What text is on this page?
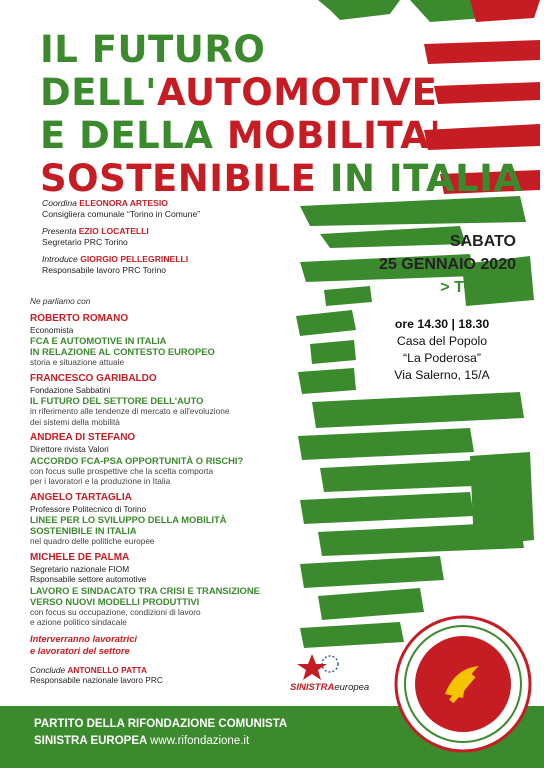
IL FUTURO
DELL'AUTOMOTIVE
E DELLA MOBILITA'
SOSTENIBILE IN ITALIA
Coordina ELEONORA ARTESIO
Consigliera comunale “Torino in Comune”
Presenta EZIO LOCATELLI
Segretario PRC Torino
Introduce GIORGIO PELLEGRINELLI
Responsabile lavoro PRC Torino
Ne parliamo con
ROBERTO ROMANO
Economista
FCA E AUTOMOTIVE IN ITALIA
IN RELAZIONE AL CONTESTO EUROPEO
storia e situazione attuale
FRANCESCO GARIBALDO
Fondazione Sabbatini
IL FUTURO DEL SETTORE DELL'AUTO
in riferimento alle tendenze di mercato e all'evoluzione
dei sistemi della mobilità
ANDREA DI STEFANO
Direttore rivista Valori
ACCORDO FCA-PSA OPPORTUNITÀ O RISCHI?
con focus sulle prospettive che la scelta comporta
per i lavoratori e la produzione in Italia
ANGELO TARTAGLIA
Professore Politecnico di Torino
LINEE PER LO SVILUPPO DELLA MOBILITÀ
SOSTENIBILE IN ITALIA
nel quadro delle politiche europee
MICHELE DE PALMA
Segretario nazionale FIOM
Rsponsabile settore automotive
LAVORO E SINDACATO TRA CRISI E TRANSIZIONE
VERSO NUOVI MODELLI PRODUTTIVI
con focus su occupazione, condizioni di lavoro
e azione politico sindacale
Interverranno lavoratrici
e lavoratori del settore
Conclude ANTONELLO PATTA
Responsabile nazionale lavoro PRC
SABATO
25 GENNAIO 2020
> TORINO
ore 14.30 | 18.30
Casa del Popolo
“La Poderosa”
Via Salerno, 15/A
SINISTRAeuropea
PARTITO DELLA RIFONDAZIONE COMUNISTA
SINISTRA EUROPEA www.rifondazione.it
